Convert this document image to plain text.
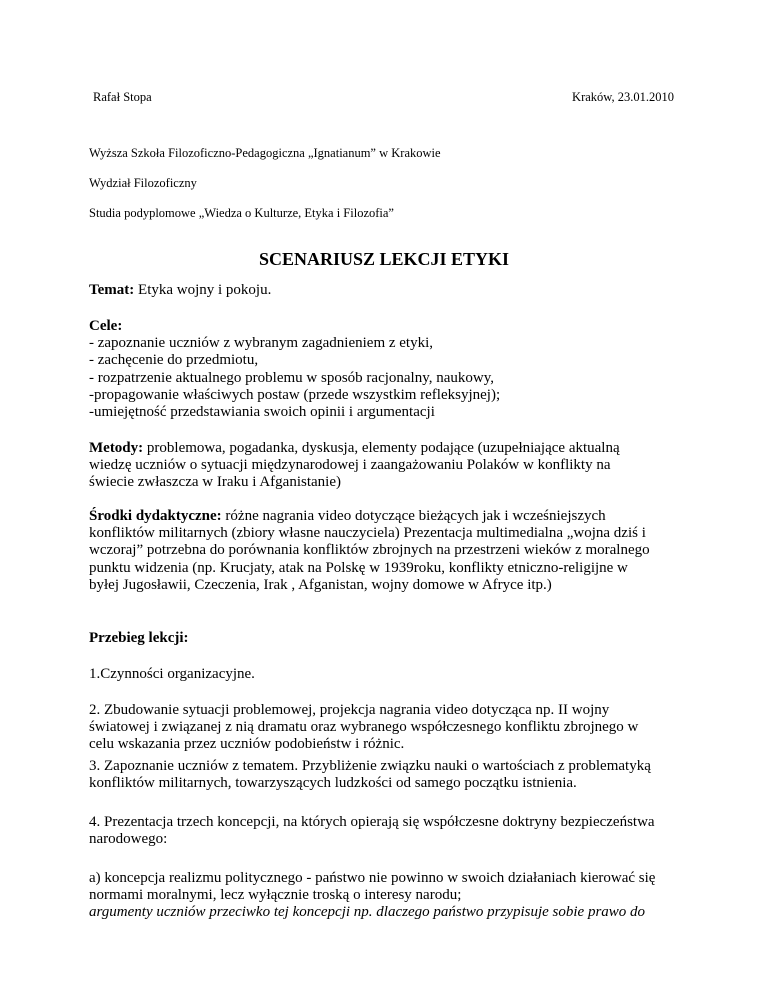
Rafał Stopa	Kraków, 23.01.2010
Wyższa Szkoła Filozoficzno-Pedagogiczna „Ignatianum” w Krakowie
Wydział Filozoficzny
Studia podyplomowe „Wiedza o Kulturze, Etyka i Filozofia”
SCENARIUSZ LEKCJI ETYKI

Temat: Etyka wojny i pokoju.

Cele:
- zapoznanie uczniów z wybranym zagadnieniem z etyki,
- zachęcenie do przedmiotu,
- rozpatrzenie aktualnego problemu w sposób racjonalny, naukowy,
-propagowanie właściwych postaw (przede wszystkim refleksyjnej);
-umiejętność przedstawiania swoich opinii i argumentacji
Metody: problemowa, pogadanka, dyskusja, elementy podające (uzupełniające aktualną
wiedzę uczniów o sytuacji międzynarodowej i zaangażowaniu Polaków w konflikty na
świecie zwłaszcza w Iraku i Afganistanie)
Środki dydaktyczne: różne nagrania video dotyczące bieżących jak i wcześniejszych
konfliktów militarnych (zbiory własne nauczyciela) Prezentacja multimedialna „wojna dziś i
wczoraj” potrzebna do porównania konfliktów zbrojnych na przestrzeni wieków z moralnego
punktu widzenia (np. Krucjaty, atak na Polskę w 1939roku, konflikty etniczno-religijne w
byłej Jugosławii, Czeczenia, Irak , Afganistan, wojny domowe w Afryce itp.)
Przebieg lekcji:
1.Czynności organizacyjne.
2. Zbudowanie sytuacji problemowej, projekcja nagrania video dotycząca np. II wojny
światowej i związanej z nią dramatu oraz wybranego współczesnego konfliktu zbrojnego w
celu wskazania przez uczniów podobieństw i różnic.
3. Zapoznanie uczniów z tematem. Przybliżenie związku nauki o wartościach z problematyką
konfliktów militarnych, towarzyszących ludzkości od samego początku istnienia.
4. Prezentacja trzech koncepcji, na których opierają się współczesne doktryny bezpieczeństwa
narodowego:
a) koncepcja realizmu politycznego - państwo nie powinno w swoich działaniach kierować się
normami moralnymi, lecz wyłącznie troską o interesy narodu;
argumenty uczniów przeciwko tej koncepcji np. dlaczego państwo przypisuje sobie prawo do
